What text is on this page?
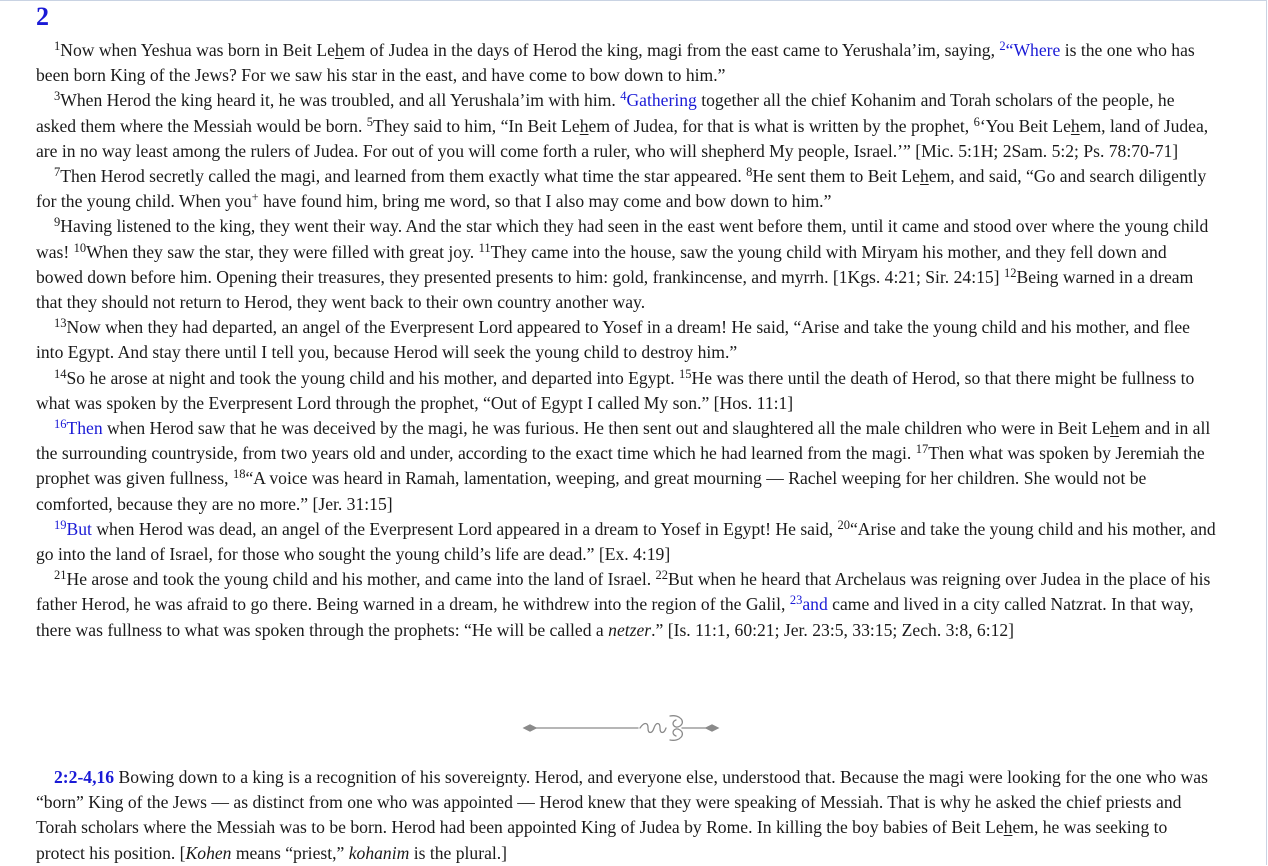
2

$^1$Now when Yeshua was born in Beit Lehem of Judea in the days of Herod the king, magi from the east came to Yerushala’im, saying, $^2$“Where is the one who has been born King of the Jews? For we saw his star in the east, and have come to bow down to him.”

$^3$When Herod the king heard it, he was troubled, and all Yerushala’im with him. $^4$Gathering together all the chief Kohanim and Torah scholars of the people, he asked them where the Messiah would be born. $^5$They said to him, “In Beit Lehem of Judea, for that is what is written by the prophet, $^6$‘You Beit Lehem, land of Judea, are in no way least among the rulers of Judea. For out of you will come forth a ruler, who will shepherd My people, Israel.’” [Mic. 5:1H; 2Sam. 5:2; Ps. 78:70-71]

$^7$Then Herod secretly called the magi, and learned from them exactly what time the star appeared. $^8$He sent them to Beit Lehem, and said, “Go and search diligently for the young child. When you+ have found him, bring me word, so that I also may come and bow down to him.”

$^9$Having listened to the king, they went their way. And the star which they had seen in the east went before them, until it came and stood over where the young child was! $^{10}$When they saw the star, they were filled with great joy. $^{11}$They came into the house, saw the young child with Miryam his mother, and they fell down and bowed down before him. Opening their treasures, they presented presents to him: gold, frankincense, and myrrh. [1Kgs. 4:21; Sir. 24:15] $^{12}$Being warned in a dream that they should not return to Herod, they went back to their own country another way.

$^{13}$Now when they had departed, an angel of the Everpresent Lord appeared to Yosef in a dream! He said, “Arise and take the young child and his mother, and flee into Egypt. And stay there until I tell you, because Herod will seek the young child to destroy him.”

$^{14}$So he arose at night and took the young child and his mother, and departed into Egypt. $^{15}$He was there until the death of Herod, so that there might be fullness to what was spoken by the Everpresent Lord through the prophet, “Out of Egypt I called My son.” [Hos. 11:1]

$^{16}$Then when Herod saw that he was deceived by the magi, he was furious. He then sent out and slaughtered all the male children who were in Beit Lehem and in all the surrounding countryside, from two years old and under, according to the exact time which he had learned from the magi. $^{17}$Then what was spoken by Jeremiah the prophet was given fullness, $^{18}$“A voice was heard in Ramah, lamentation, weeping, and great mourning — Rachel weeping for her children. She would not be comforted, because they are no more.” [Jer. 31:15]

$^{19}$But when Herod was dead, an angel of the Everpresent Lord appeared in a dream to Yosef in Egypt! He said, $^{20}$“Arise and take the young child and his mother, and go into the land of Israel, for those who sought the young child’s life are dead.” [Ex. 4:19]

$^{21}$He arose and took the young child and his mother, and came into the land of Israel. $^{22}$But when he heard that Archelaus was reigning over Judea in the place of his father Herod, he was afraid to go there. Being warned in a dream, he withdrew into the region of the Galil, $^{23}$and came and lived in a city called Natzrat. In that way, there was fullness to what was spoken through the prophets: “He will be called a netzer.” [Is. 11:1, 60:21; Jer. 23:5, 33:15; Zech. 3:8, 6:12]

2:2-4,16 Bowing down to a king is a recognition of his sovereignty. Herod, and everyone else, understood that. Because the magi were looking for the one who was “born” King of the Jews — as distinct from one who was appointed — Herod knew that they were speaking of Messiah. That is why he asked the chief priests and Torah scholars where the Messiah was to be born. Herod had been appointed King of Judea by Rome. In killing the boy babies of Beit Lehem, he was seeking to protect his position. [Kohen means “priest,” kohanim is the plural.]
